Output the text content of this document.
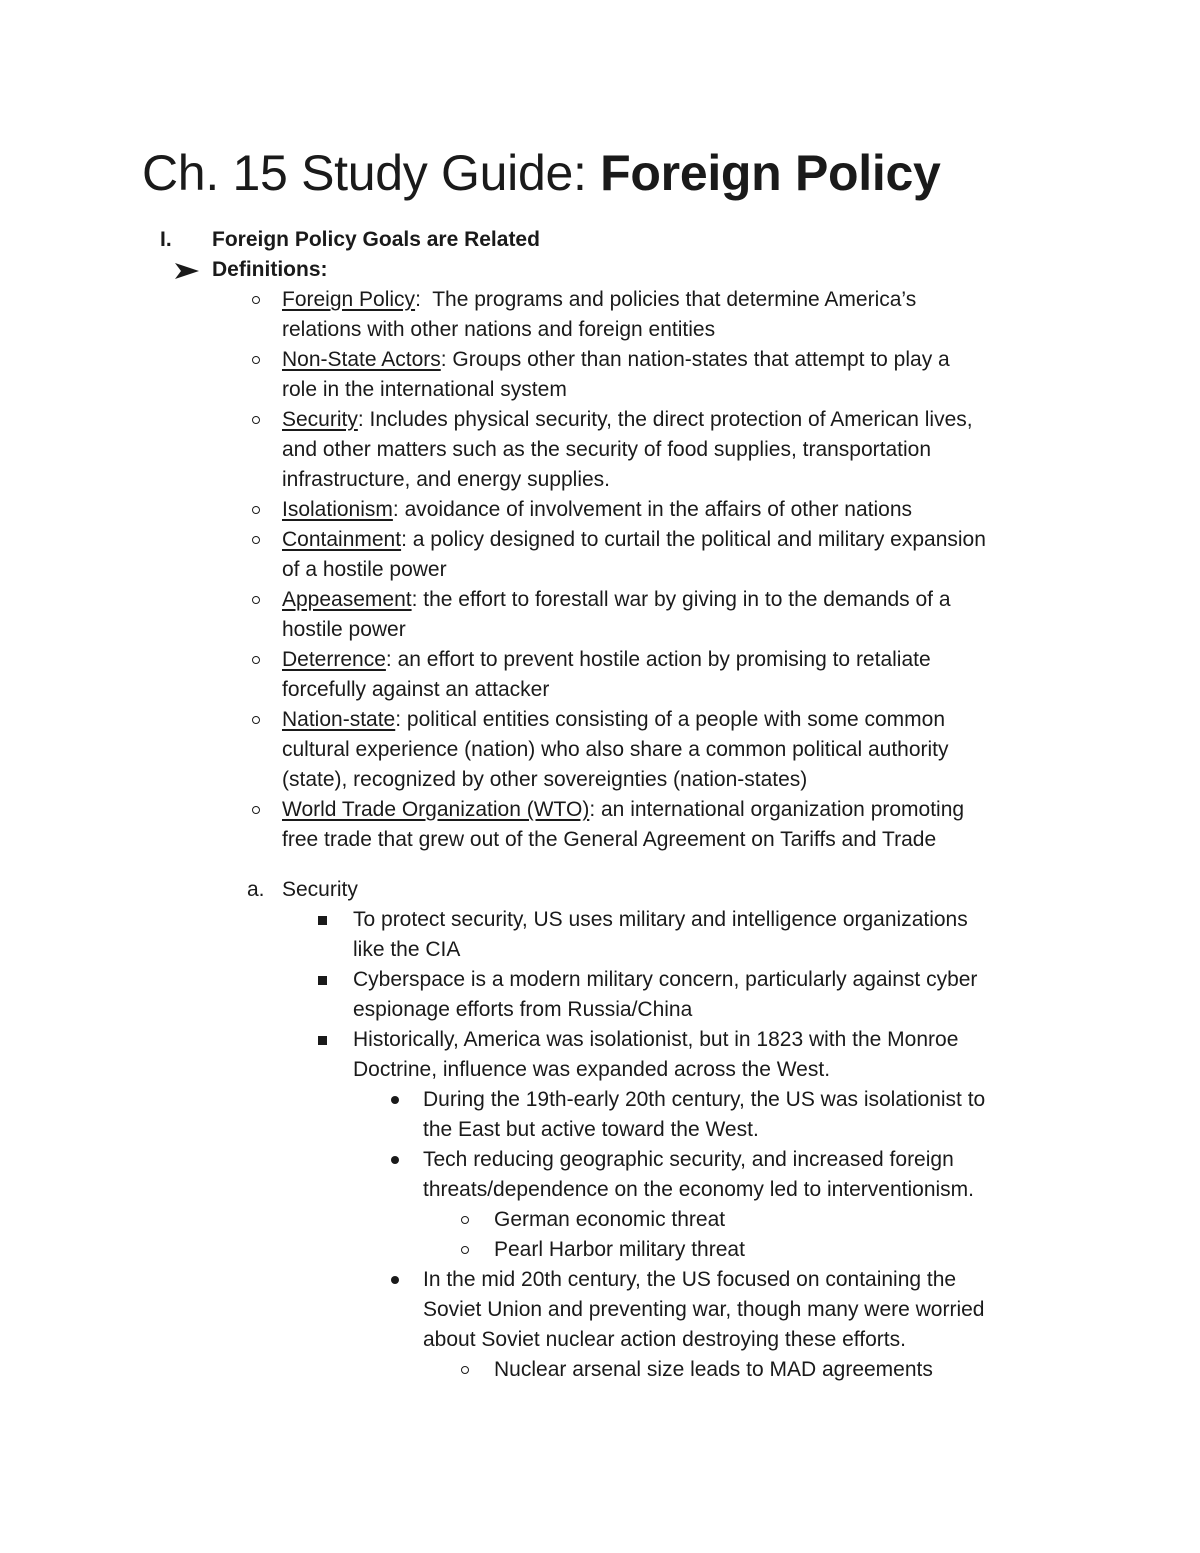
Ch. 15 Study Guide: Foreign Policy
I. Foreign Policy Goals are Related
Definitions:
Foreign Policy:  The programs and policies that determine America’s
relations with other nations and foreign entities
Non-State Actors: Groups other than nation-states that attempt to play a
role in the international system
Security: Includes physical security, the direct protection of American lives,
and other matters such as the security of food supplies, transportation
infrastructure, and energy supplies.
Isolationism: avoidance of involvement in the affairs of other nations
Containment: a policy designed to curtail the political and military expansion
of a hostile power
Appeasement: the effort to forestall war by giving in to the demands of a
hostile power
Deterrence: an effort to prevent hostile action by promising to retaliate
forcefully against an attacker
Nation-state: political entities consisting of a people with some common
cultural experience (nation) who also share a common political authority
(state), recognized by other sovereignties (nation-states)
World Trade Organization (WTO): an international organization promoting
free trade that grew out of the General Agreement on Tariffs and Trade
a. Security
To protect security, US uses military and intelligence organizations
like the CIA
Cyberspace is a modern military concern, particularly against cyber
espionage efforts from Russia/China
Historically, America was isolationist, but in 1823 with the Monroe
Doctrine, influence was expanded across the West.
During the 19th-early 20th century, the US was isolationist to
the East but active toward the West.
Tech reducing geographic security, and increased foreign
threats/dependence on the economy led to interventionism.
German economic threat
Pearl Harbor military threat
In the mid 20th century, the US focused on containing the
Soviet Union and preventing war, though many were worried
about Soviet nuclear action destroying these efforts.
Nuclear arsenal size leads to MAD agreements
